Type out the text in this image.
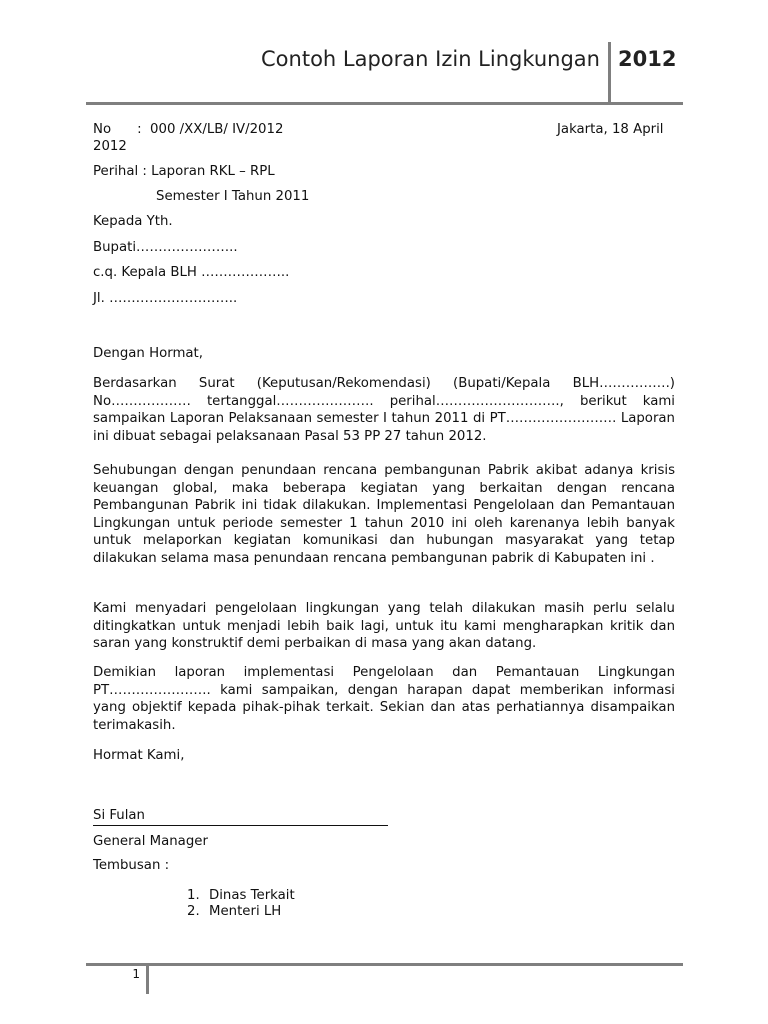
Contoh Laporan Izin Lingkungan 2012
No : 000 /XX/LB/ IV/2012	Jakarta, 18 April
2012
Perihal : Laporan RKL – RPL
Semester I Tahun 2011
Kepada Yth.
Bupati…………………..
c.q. Kepala BLH ………………..
Jl. ………………………..
Dengan Hormat,
Berdasarkan Surat (Keputusan/Rekomendasi) (Bupati/Kepala BLH…………….) No……………… tertanggal…………………. perihal………………………., berikut kami sampaikan Laporan Pelaksanaan semester I tahun 2011 di PT……………………. Laporan ini dibuat sebagai pelaksanaan Pasal 53 PP 27 tahun 2012.
Sehubungan dengan penundaan rencana pembangunan Pabrik akibat adanya krisis keuangan global, maka beberapa kegiatan yang berkaitan dengan rencana Pembangunan Pabrik ini tidak dilakukan. Implementasi Pengelolaan dan Pemantauan Lingkungan untuk periode semester 1 tahun 2010 ini oleh karenanya lebih banyak untuk melaporkan kegiatan komunikasi dan hubungan masyarakat yang tetap dilakukan selama masa penundaan rencana pembangunan pabrik di Kabupaten ini .
Kami menyadari pengelolaan lingkungan yang telah dilakukan masih perlu selalu ditingkatkan untuk menjadi lebih baik lagi, untuk itu kami mengharapkan kritik dan saran yang konstruktif demi perbaikan di masa yang akan datang.
Demikian laporan implementasi Pengelolaan dan Pemantauan Lingkungan PT………………….. kami sampaikan, dengan harapan dapat memberikan informasi yang objektif kepada pihak-pihak terkait. Sekian dan atas perhatiannya disampaikan terimakasih.
Hormat Kami,
Si Fulan
General Manager
Tembusan :
1. Dinas Terkait
2. Menteri LH
1
